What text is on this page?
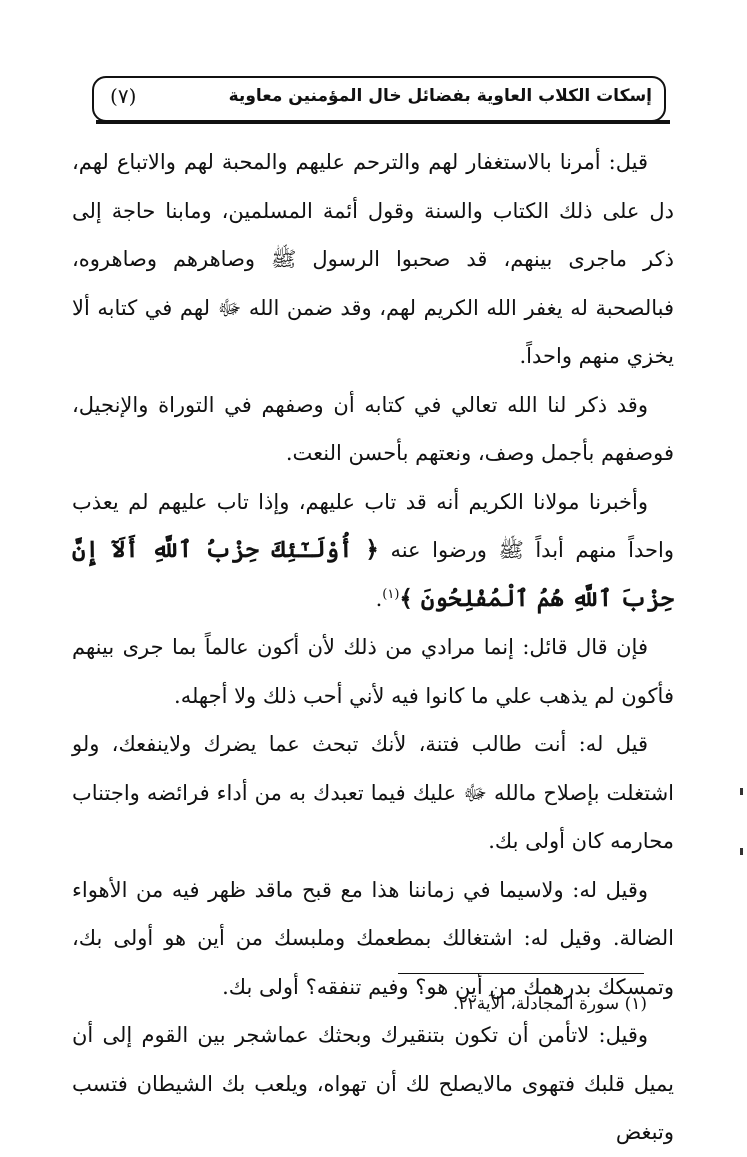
إسكات الكلاب العاوية بفضائل خال المؤمنين معاوية
(٧)

قيل: أمرنا بالاستغفار لهم والترحم عليهم والمحبة لهم والاتباع لهم، دل على ذلك الكتاب والسنة وقول أئمة المسلمين، ومابنا حاجة إلى ذكر ماجرى بينهم، قد صحبوا الرسول ﷺ وصاهرهم وصاهروه، فبالصحبة له يغفر الله الكريم لهم، وقد ضمن الله ﷻ لهم في كتابه ألا يخزي منهم واحداً.

وقد ذكر لنا الله تعالي في كتابه أن وصفهم في التوراة والإنجيل، فوصفهم بأجمل وصف، ونعتهم بأحسن النعت.

وأخبرنا مولانا الكريم أنه قد تاب عليهم، وإذا تاب عليهم لم يعذب واحداً منهم أبداً ﷺ ورضوا عنه ﴿ أُوْلَـٰٓئِكَ حِزْبُ ٱللَّهِ أَلَآ إِنَّ حِزْبَ ٱللَّهِ هُمُ ٱلْمُفْلِحُونَ ﴾$^{(١)}$.

فإن قال قائل: إنما مرادي من ذلك لأن أكون عالماً بما جرى بينهم فأكون لم يذهب علي ما كانوا فيه لأني أحب ذلك ولا أجهله.

قيل له: أنت طالب فتنة، لأنك تبحث عما يضرك ولاينفعك، ولو اشتغلت بإصلاح مالله ﷻ عليك فيما تعبدك به من أداء فرائضه واجتناب محارمه كان أولى بك.

وقيل له: ولاسيما في زماننا هذا مع قبح ماقد ظهر فيه من الأهواء الضالة. وقيل له: اشتغالك بمطعمك وملبسك من أين هو أولى بك، وتمسكك بدرهمك من أين هو؟ وفيم تنفقه؟ أولى بك.

وقيل: لاتأمن أن تكون بتنقيرك وبحثك عماشجر بين القوم إلى أن يميل قلبك فتهوى مالايصلح لك أن تهواه، ويلعب بك الشيطان فتسب وتبغض

(١) سورة المجادلة، الآية٢٢.
